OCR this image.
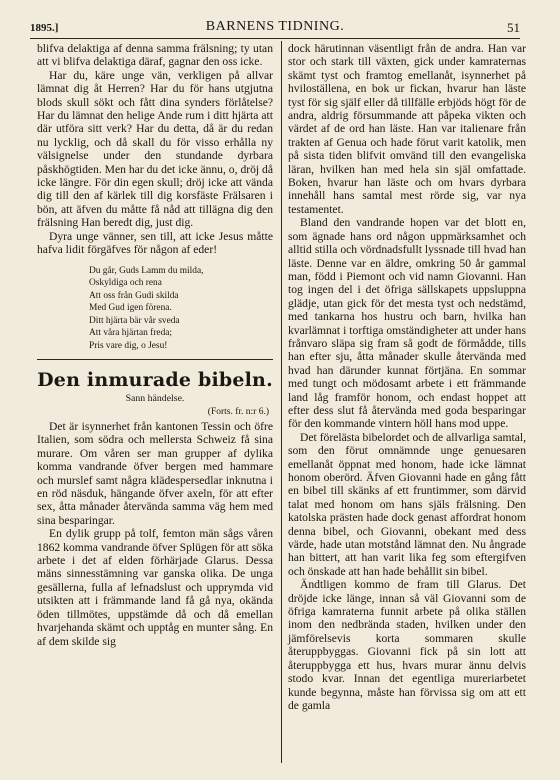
1895.]	BARNENS TIDNING.	51

blifva delaktiga af denna samma frälsning; ty utan att vi blifva delaktiga däraf, gagnar den oss icke.

Har du, käre unge vän, verkligen på allvar lämnat dig åt Herren? Har du för hans utgjutna blods skull sökt och fått dina synders förlåtelse? Har du lämnat den helige Ande rum i ditt hjärta att där utföra sitt verk? Har du detta, då är du redan nu lycklig, och då skall du för visso erhålla ny välsignelse under den stundande dyrbara påskhögtiden. Men har du det icke ännu, o, dröj då icke längre. För din egen skull; dröj icke att vända dig till den af kärlek till dig korsfäste Frälsaren i bön, att äfven du måtte få nåd att tillägna dig den frälsning Han beredt dig, just dig.

Dyra unge vänner, sen till, att icke Jesus måtte hafva lidit förgäfves för någon af eder!

Du går, Guds Lamm du milda,
Oskyldiga och rena
Att oss från Gudi skilda
Med Gud igen förena.
Ditt hjärta bär vår sveda
Att våra hjärtan freda;
Pris vare dig, o Jesu!
Den inmurade bibeln.
Sann händelse.
(Forts. fr. n:r 6.)

Det är isynnerhet från kantonen Tessin och öfre Italien, som södra och mellersta Schweiz få sina murare. Om våren ser man grupper af dylika komma vandrande öfver bergen med hammare och murslef samt några klädespersedlar inknutna i en röd näsduk, hängande öfver axeln, för att efter sex, åtta månader återvända samma väg hem med sina besparingar.

En dylik grupp på tolf, femton män sågs våren 1862 komma vandrande öfver Splügen för att söka arbete i det af elden förhärjade Glarus. Dessa mäns sinnesstämning var ganska olika. De unga gesällerna, fulla af lefnadslust och upprymda vid utsikten att i främmande land få gå nya, okända öden tillmötes, uppstämde då och då emellan hvarjehanda skämt och upptåg en munter sång. En af dem skilde sig

dock härutinnan väsentligt från de andra. Han var stor och stark till växten, gick under kamraternas skämt tyst och framtog emellanåt, isynnerhet på hviloställena, en bok ur fickan, hvarur han läste tyst för sig själf eller då tillfälle erbjöds högt för de andra, aldrig försummande att påpeka vikten och värdet af de ord han läste. Han var italienare från trakten af Genua och hade förut varit katolik, men på sista tiden blifvit omvänd till den evangeliska läran, hvilken han med hela sin själ omfattade. Boken, hvarur han läste och om hvars dyrbara innehåll hans samtal mest rörde sig, var nya testamentet.

Bland den vandrande hopen var det blott en, som ägnade hans ord någon uppmärksamhet och alltid stilla och vördnadsfullt lyssnade till hvad han läste. Denne var en äldre, omkring 50 år gammal man, född i Piemont och vid namn Giovanni. Han tog ingen del i det öfriga sällskapets uppsluppna glädje, utan gick för det mesta tyst och nedstämd, med tankarna hos hustru och barn, hvilka han kvarlämnat i torftiga omständigheter att under hans frånvaro släpa sig fram så godt de förmådde, tills han efter sju, åtta månader skulle återvända med hvad han därunder kunnat förtjäna. En sommar med tungt och mödosamt arbete i ett främmande land låg framför honom, och endast hoppet att efter dess slut få återvända med goda besparingar för den kommande vintern höll hans mod uppe.

Det förelästa bibelordet och de allvarliga samtal, som den förut omnämnde unge genuesaren emellanåt öppnat med honom, hade icke lämnat honom oberörd. Äfven Giovanni hade en gång fått en bibel till skänks af ett fruntimmer, som därvid talat med honom om hans själs frälsning. Den katolska prästen hade dock genast affordrat honom denna bibel, och Giovanni, obekant med dess värde, hade utan motstånd lämnat den. Nu ångrade han bittert, att han varit lika feg som eftergifven och önskade att han hade behållit sin bibel.

Ändtligen kommo de fram till Glarus. Det dröjde icke länge, innan så väl Giovanni som de öfriga kamraterna funnit arbete på olika ställen inom den nedbrända staden, hvilken under den jämförelsevis korta sommaren skulle återuppbyggas. Giovanni fick på sin lott att återuppbygga ett hus, hvars murar ännu delvis stodo kvar. Innan det egentliga mureriarbetet kunde begynna, måste han förvissa sig om att ett de gamla
